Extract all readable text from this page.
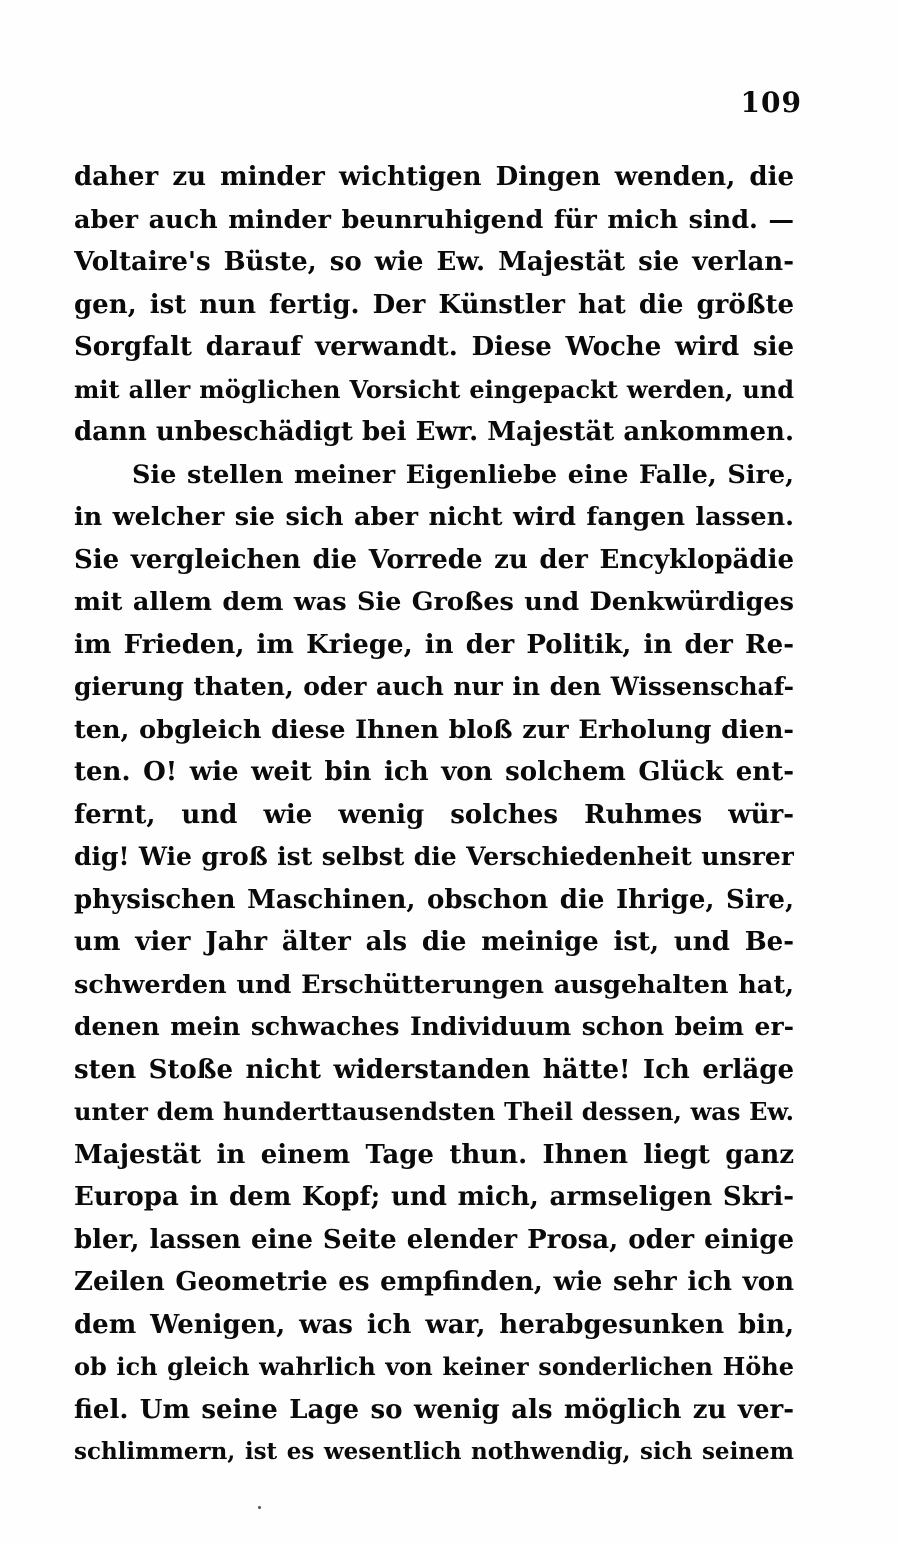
109
daher zu minder wichtigen Dingen wenden, die
aber auch minder beunruhigend für mich sind. —
Voltaire's Büste, so wie Ew. Majestät sie verlan-
gen, ist nun fertig. Der Künstler hat die größte
Sorgfalt darauf verwandt. Diese Woche wird sie
mit aller möglichen Vorsicht eingepackt werden, und
dann unbeschädigt bei Ewr. Majestät ankommen.
Sie stellen meiner Eigenliebe eine Falle, Sire,
in welcher sie sich aber nicht wird fangen lassen.
Sie vergleichen die Vorrede zu der Encyklopädie
mit allem dem was Sie Großes und Denkwürdiges
im Frieden, im Kriege, in der Politik, in der Re-
gierung thaten, oder auch nur in den Wissenschaf-
ten, obgleich diese Ihnen bloß zur Erholung dien-
ten. O! wie weit bin ich von solchem Glück ent-
fernt, und wie wenig solches Ruhmes wür-
dig! Wie groß ist selbst die Verschiedenheit unsrer
physischen Maschinen, obschon die Ihrige, Sire,
um vier Jahr älter als die meinige ist, und Be-
schwerden und Erschütterungen ausgehalten hat,
denen mein schwaches Individuum schon beim er-
sten Stoße nicht widerstanden hätte! Ich erläge
unter dem hunderttausendsten Theil dessen, was Ew.
Majestät in einem Tage thun. Ihnen liegt ganz
Europa in dem Kopf; und mich, armseligen Skri-
bler, lassen eine Seite elender Prosa, oder einige
Zeilen Geometrie es empfinden, wie sehr ich von
dem Wenigen, was ich war, herabgesunken bin,
ob ich gleich wahrlich von keiner sonderlichen Höhe
fiel. Um seine Lage so wenig als möglich zu ver-
schlimmern, ist es wesentlich nothwendig, sich seinem
